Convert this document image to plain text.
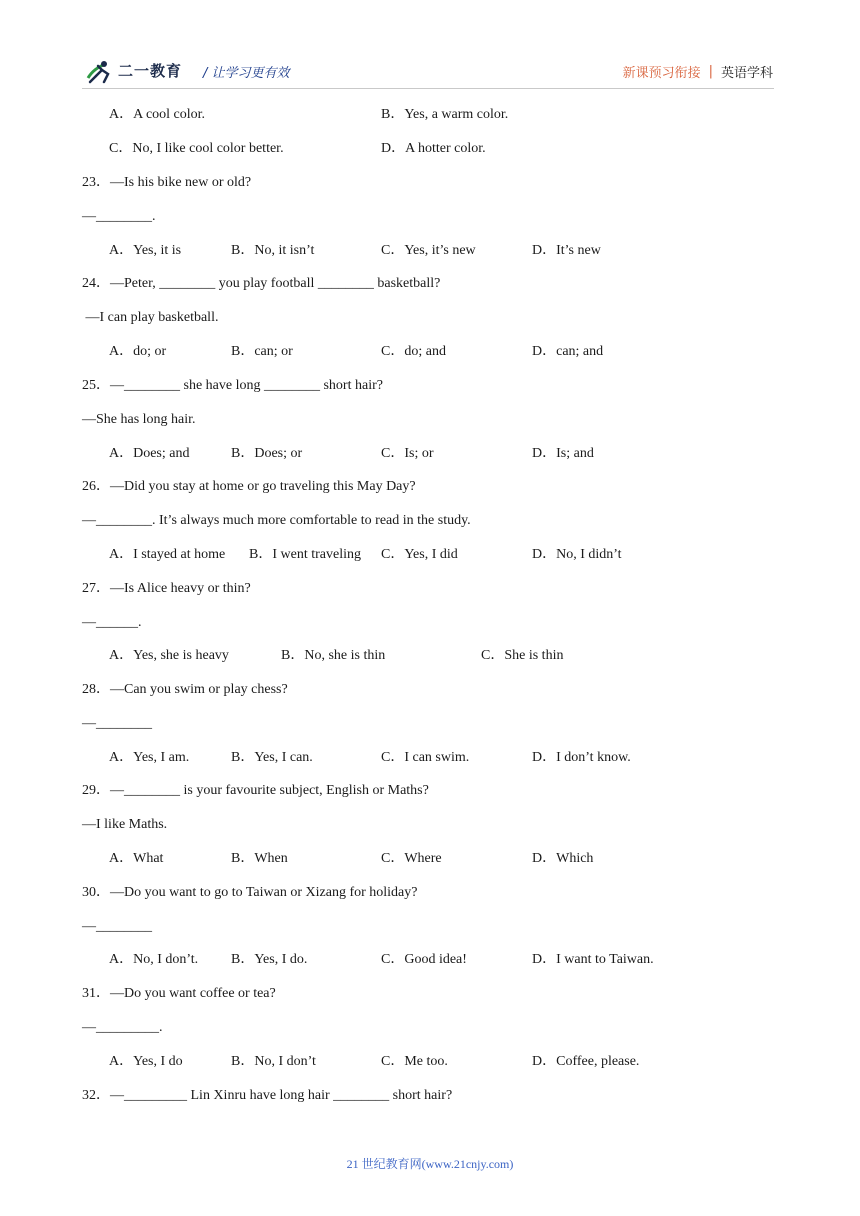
二一教育 / 让学习更有效	新课预习衔接 | 英语学科
A．A cool color.	B．Yes, a warm color.
C．No, I like cool color better.	D．A hotter color.
23．—Is his bike new or old?
—________.
A．Yes, it is	B．No, it isn’t	C．Yes, it’s new	D．It’s new
24．—Peter, ________ you play football ________ basketball?
—I can play basketball.
A．do; or	B．can; or	C．do; and	D．can; and
25．—________ she have long ________ short hair?
—She has long hair.
A．Does; and	B．Does; or	C．Is; or	D．Is; and
26．—Did you stay at home or go traveling this May Day?
—________. It’s always much more comfortable to read in the study.
A．I stayed at home B．I went traveling C．Yes, I did	D．No, I didn’t
27．—Is Alice heavy or thin?
—______.
A．Yes, she is heavy	B．No, she is thin	C．She is thin
28．—Can you swim or play chess?
—________
A．Yes, I am.	B．Yes, I can.	C．I can swim.	D．I don’t know.
29．—________ is your favourite subject, English or Maths?
—I like Maths.
A．What	B．When	C．Where	D．Which
30．—Do you want to go to Taiwan or Xizang for holiday?
—________
A．No, I don’t. B．Yes, I do.	C．Good idea!	D．I want to Taiwan.
31．—Do you want coffee or tea?
—_________.
A．Yes, I do	B．No, I don’t	C．Me too.	D．Coffee, please.
32．—_________ Lin Xinru have long hair ________ short hair?
21 世纪教育网(www.21cnjy.com)
